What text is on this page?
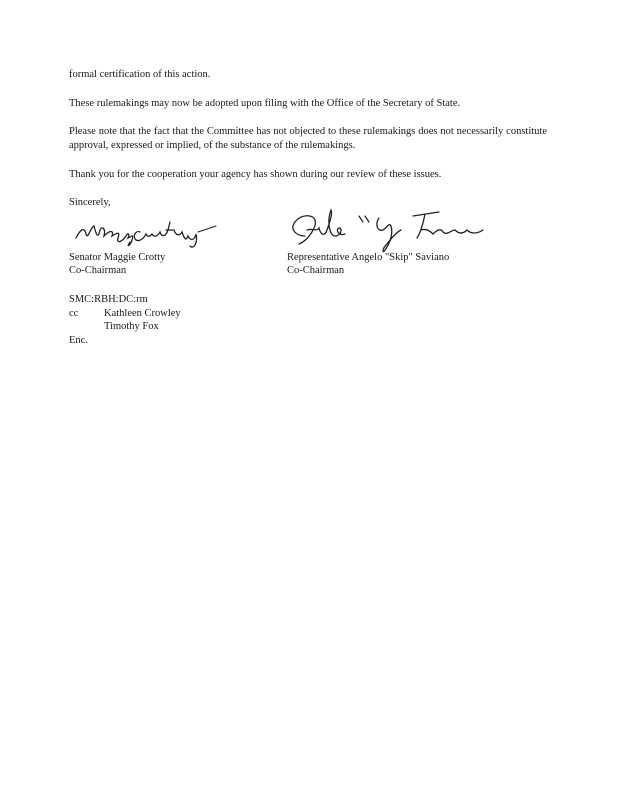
formal certification of this action.

These rulemakings may now be adopted upon filing with the Office of the Secretary of State.

Please note that the fact that the Committee has not objected to these rulemakings does not necessarily constitute approval, expressed or implied, of the substance of the rulemakings.

Thank you for the cooperation your agency has shown during our review of these issues.

Sincerely,
Senator Maggie Crotty
Co-Chairman
Representative Angelo "Skip" Saviano
Co-Chairman
SMC:RBH:DC:rm
cc	Kathleen Crowley
Timothy Fox
Enc.
